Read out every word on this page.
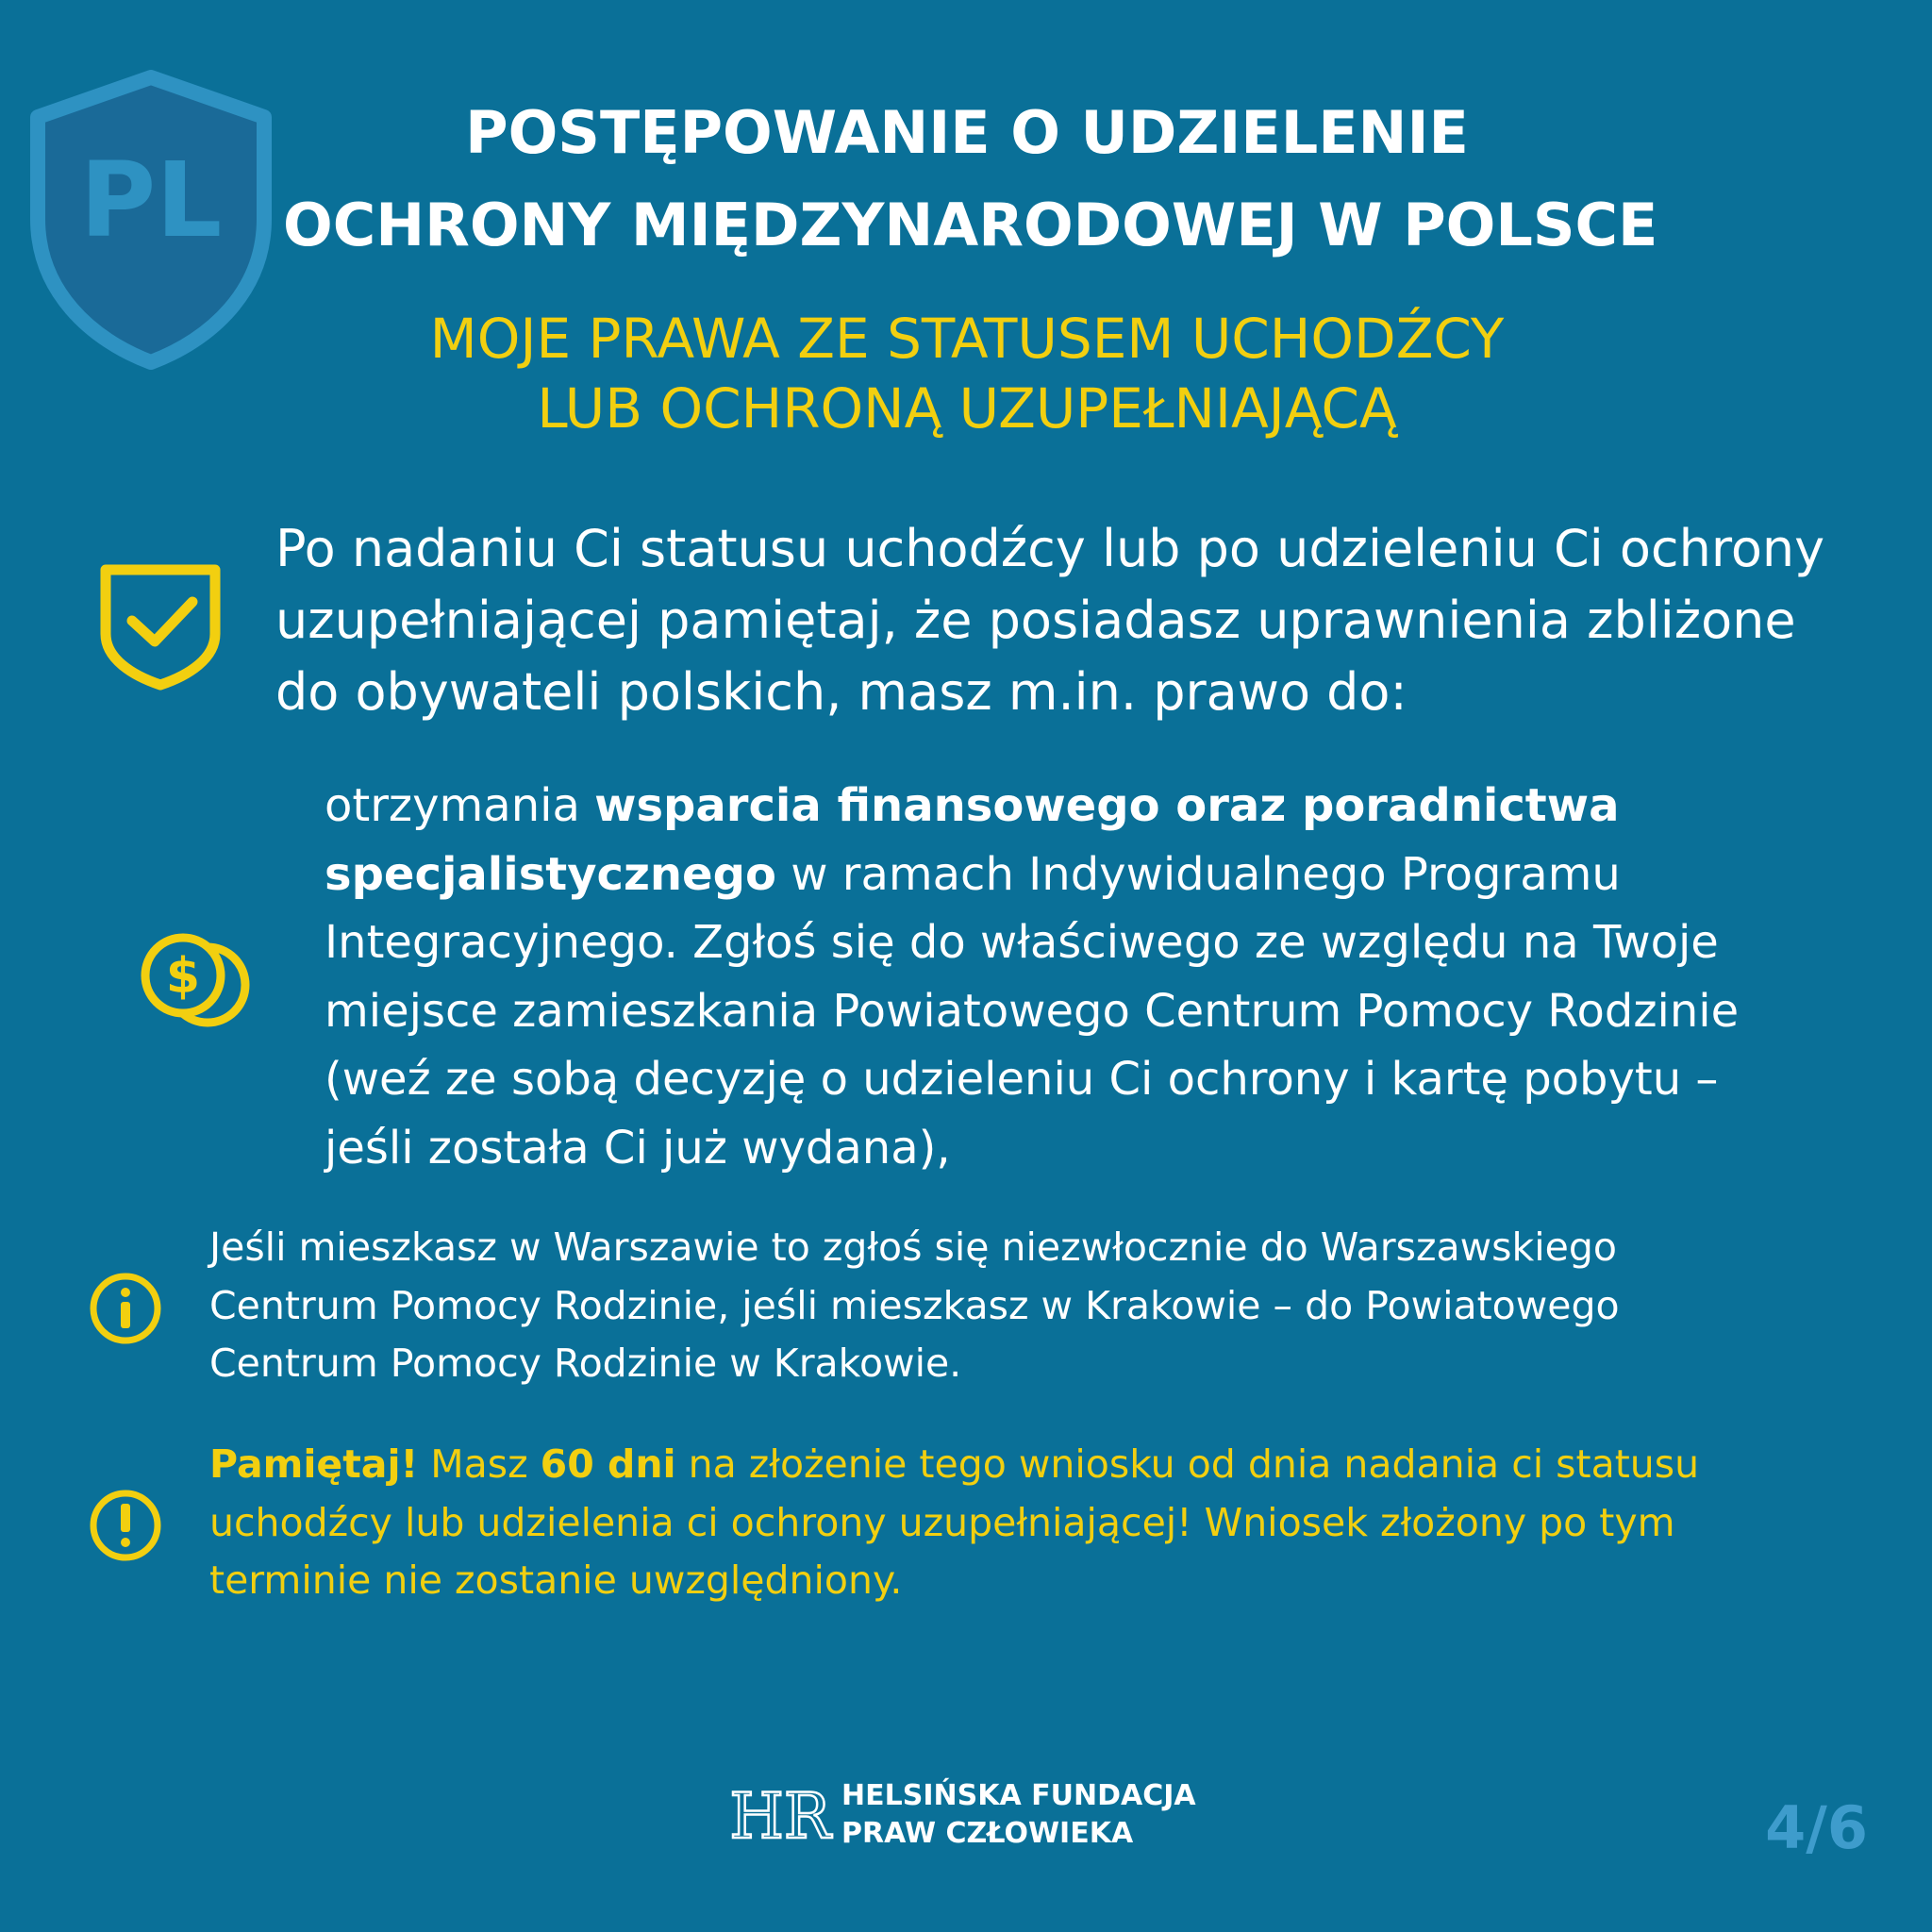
PL
POSTĘPOWANIE O UDZIELENIE
OCHRONY MIĘDZYNARODOWEJ W POLSCE
MOJE PRAWA ZE STATUSEM UCHODŹCY
LUB OCHRONĄ UZUPEŁNIAJĄCĄ
Po nadaniu Ci statusu uchodźcy lub po udzieleniu Ci ochrony
uzupełniającej pamiętaj, że posiadasz uprawnienia zbliżone
do obywateli polskich, masz m.in. prawo do:
$
otrzymania wsparcia finansowego oraz poradnictwa
specjalistycznego w ramach Indywidualnego Programu
Integracyjnego. Zgłoś się do właściwego ze względu na Twoje
miejsce zamieszkania Powiatowego Centrum Pomocy Rodzinie
(weź ze sobą decyzję o udzieleniu Ci ochrony i kartę pobytu –
jeśli została Ci już wydana),
Jeśli mieszkasz w Warszawie to zgłoś się niezwłocznie do Warszawskiego
Centrum Pomocy Rodzinie, jeśli mieszkasz w Krakowie – do Powiatowego
Centrum Pomocy Rodzinie w Krakowie.
Pamiętaj! Masz 60 dni na złożenie tego wniosku od dnia nadania ci statusu
uchodźcy lub udzielenia ci ochrony uzupełniającej! Wniosek złożony po tym
terminie nie zostanie uwzględniony.
HR HELSIŃSKA FUNDACJA
PRAW CZŁOWIEKA	4/6
